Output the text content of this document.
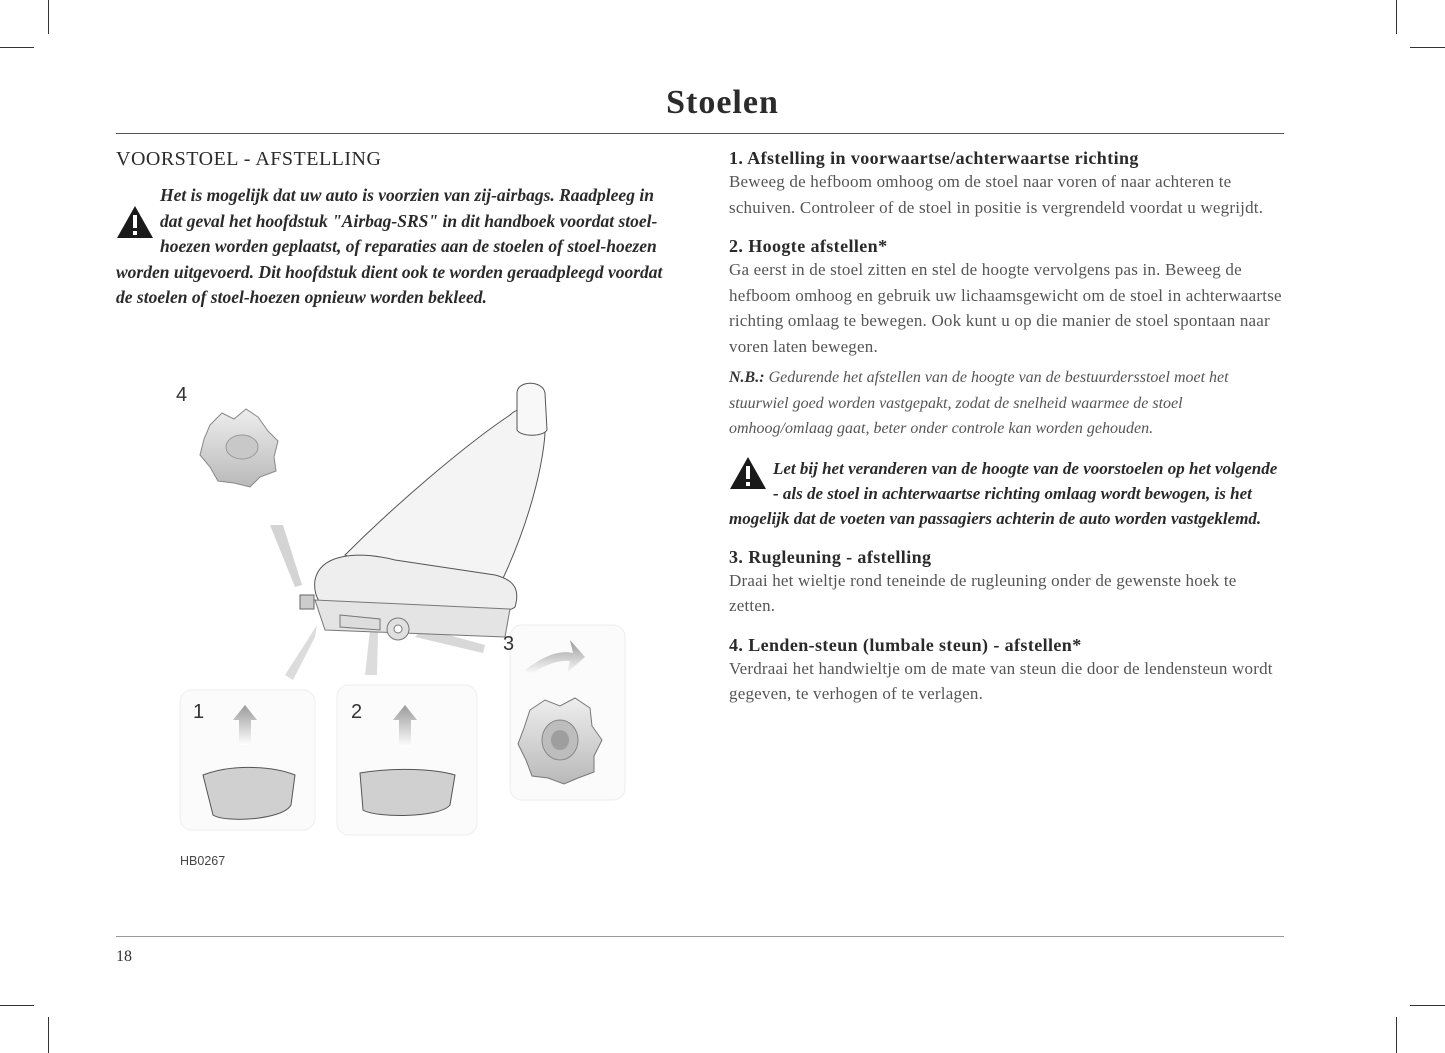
Stoelen
VOORSTOEL - AFSTELLING
Het is mogelijk dat uw auto is voorzien van zij-airbags. Raadpleeg in dat geval het hoofdstuk "Airbag-SRS" in dit handboek voordat stoel-hoezen worden geplaatst, of reparaties aan de stoelen of stoel-hoezen worden uitgevoerd. Dit hoofdstuk dient ook te worden geraadpleegd voordat de stoelen of stoel-hoezen opnieuw worden bekleed.
4
1	2
3
HB0267
1. Afstelling in voorwaartse/achterwaartse richting

Beweeg de hefboom omhoog om de stoel naar voren of naar achteren te schuiven. Controleer of de stoel in positie is vergrendeld voordat u wegrijdt.

2. Hoogte afstellen*

Ga eerst in de stoel zitten en stel de hoogte vervolgens pas in. Beweeg de hefboom omhoog en gebruik uw lichaamsgewicht om de stoel in achterwaartse richting omlaag te bewegen. Ook kunt u op die manier de stoel spontaan naar voren laten bewegen.

N.B.: Gedurende het afstellen van de hoogte van de bestuurdersstoel moet het stuurwiel goed worden vastgepakt, zodat de snelheid waarmee de stoel omhoog/omlaag gaat, beter onder controle kan worden gehouden.
Let bij het veranderen van de hoogte van de voorstoelen op het volgende - als de stoel in achterwaartse richting omlaag wordt bewogen, is het mogelijk dat de voeten van passagiers achterin de auto worden vastgeklemd.
3. Rugleuning - afstelling

Draai het wieltje rond teneinde de rugleuning onder de gewenste hoek te zetten.

4. Lenden-steun (lumbale steun) - afstellen*

Verdraai het handwieltje om de mate van steun die door de lendensteun wordt gegeven, te verhogen of te verlagen.

18
